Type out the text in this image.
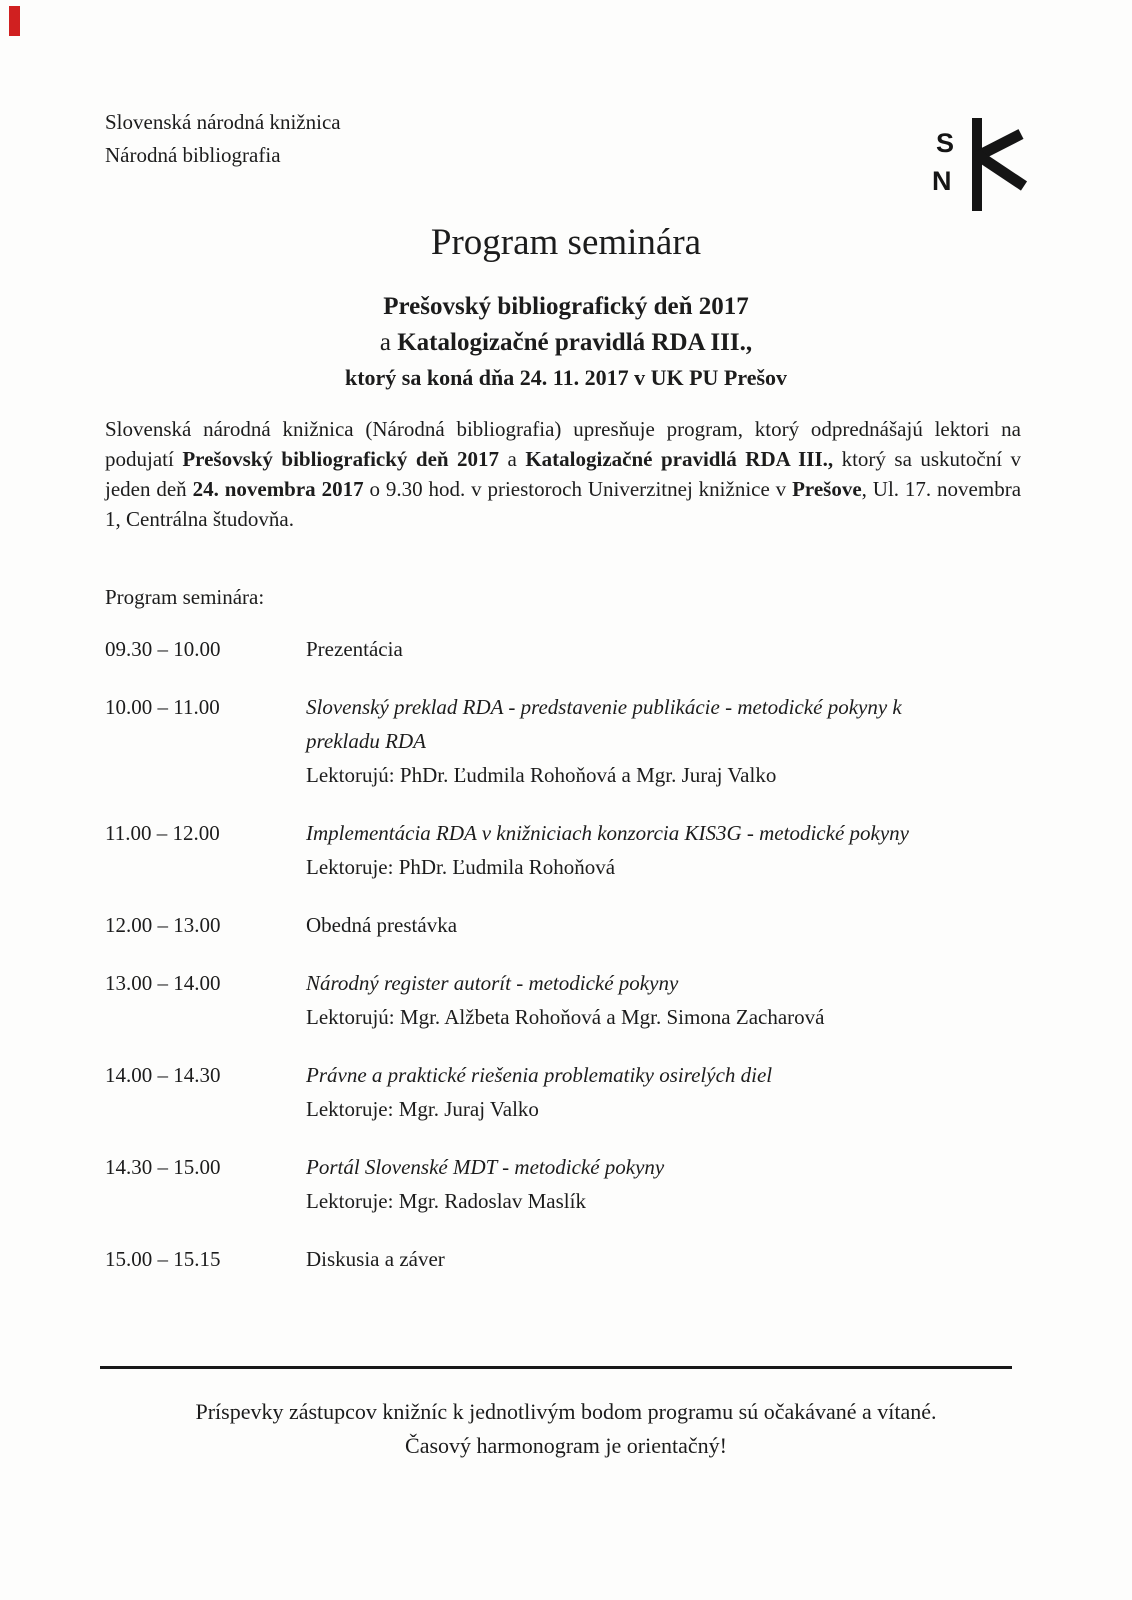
Slovenská národná knižnica
Národná bibliografia	S
N
Program seminára
Prešovský bibliografický deň 2017
a Katalogizačné pravidlá RDA III.,
ktorý sa koná dňa 24. 11. 2017 v UK PU Prešov
Slovenská národná knižnica (Národná bibliografia) upresňuje program, ktorý odprednášajú lektori na podujatí Prešovský bibliografický deň 2017 a Katalogizačné pravidlá RDA III., ktorý sa uskutoční v jeden deň 24. novembra 2017 o 9.30 hod. v priestoroch Univerzitnej knižnice v Prešove, Ul. 17. novembra 1, Centrálna študovňa.
Program seminára:
09.30 – 10.00	Prezentácia
10.00 – 11.00	Slovenský preklad RDA - predstavenie publikácie - metodické pokyny k prekladu RDA
Lektorujú: PhDr. Ľudmila Rohoňová a Mgr. Juraj Valko
11.00 – 12.00	Implementácia RDA v knižniciach konzorcia KIS3G - metodické pokyny
Lektoruje: PhDr. Ľudmila Rohoňová
12.00 – 13.00	Obedná prestávka
13.00 – 14.00	Národný register autorít - metodické pokyny
Lektorujú: Mgr. Alžbeta Rohoňová a Mgr. Simona Zacharová
14.00 – 14.30	Právne a praktické riešenia problematiky osirelých diel
Lektoruje: Mgr. Juraj Valko
14.30 – 15.00	Portál Slovenské MDT - metodické pokyny
Lektoruje: Mgr. Radoslav Maslík
15.00 – 15.15	Diskusia a záver
Príspevky zástupcov knižníc k jednotlivým bodom programu sú očakávané a vítané.
Časový harmonogram je orientačný!
